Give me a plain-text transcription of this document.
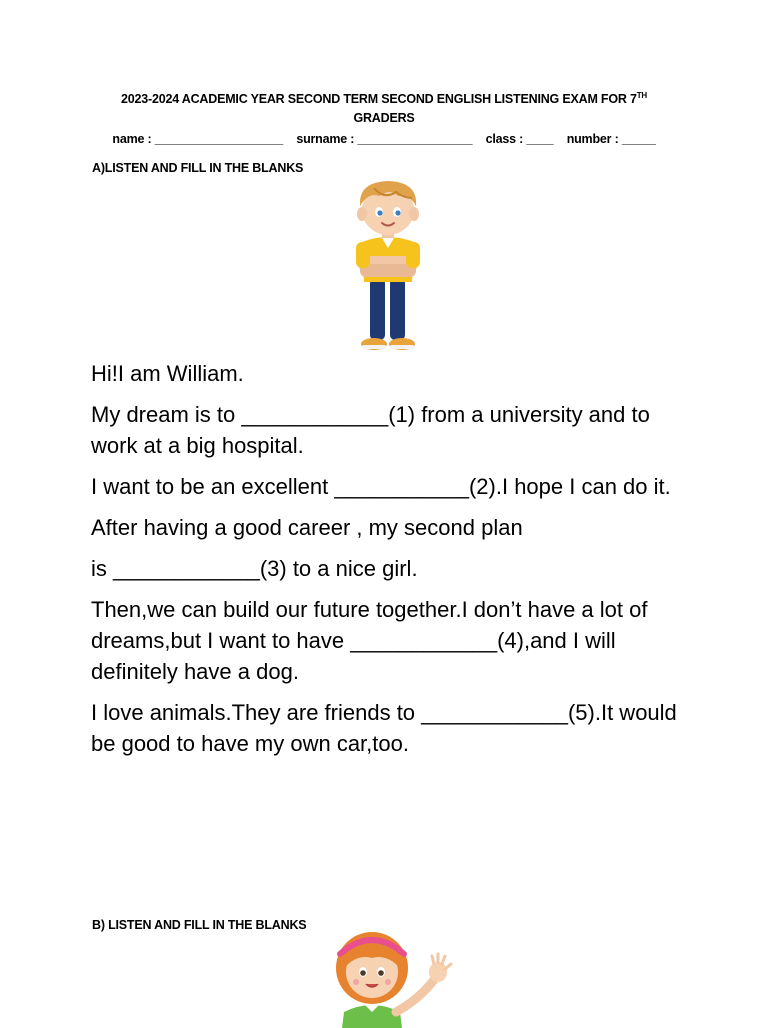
2023-2024 ACADEMIC YEAR SECOND TERM SECOND ENGLISH LISTENING EXAM FOR 7TH GRADERS
name : ___________________ surname : _________________ class : ____ number : _____
A)LISTEN AND FILL IN THE BLANKS

Hi!I am William.

My dream is to ____________(1) from a university and to work at a big hospital.

I want to be an excellent ___________(2).I hope I can do it.

After having a good career , my second plan

is ____________(3) to a nice girl.

Then,we can build our future together.I don’t have a lot of dreams,but I want to have ____________(4),and I will definitely have a dog.

I love animals.They are friends to ____________(5).It would be good to have my own car,too.

B) LISTEN AND FILL IN THE BLANKS
